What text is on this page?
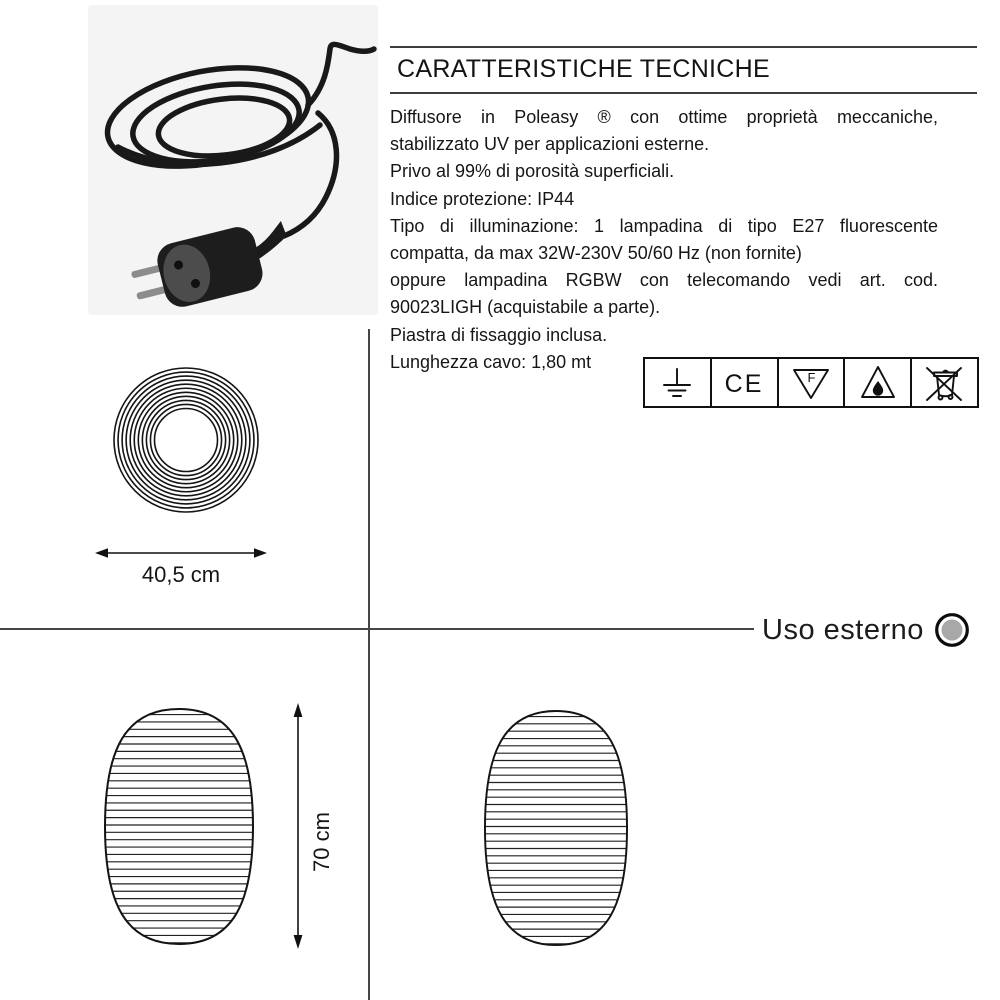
CARATTERISTICHE TECNICHE
Diffusore in Poleasy ® con ottime proprietà meccaniche,
stabilizzato UV per applicazioni esterne.
Privo al 99% di porosità superficiali.
Indice protezione: IP44
Tipo di illuminazione: 1 lampadina di tipo E27 fluorescente
compatta, da max 32W-230V 50/60 Hz (non fornite)
oppure lampadina RGBW con telecomando vedi art. cod.
90023LIGH (acquistabile a parte).
Piastra di fissaggio inclusa.
Lunghezza cavo: 1,80 mt
CE	F
40,5 cm
Uso esterno
70 cm
